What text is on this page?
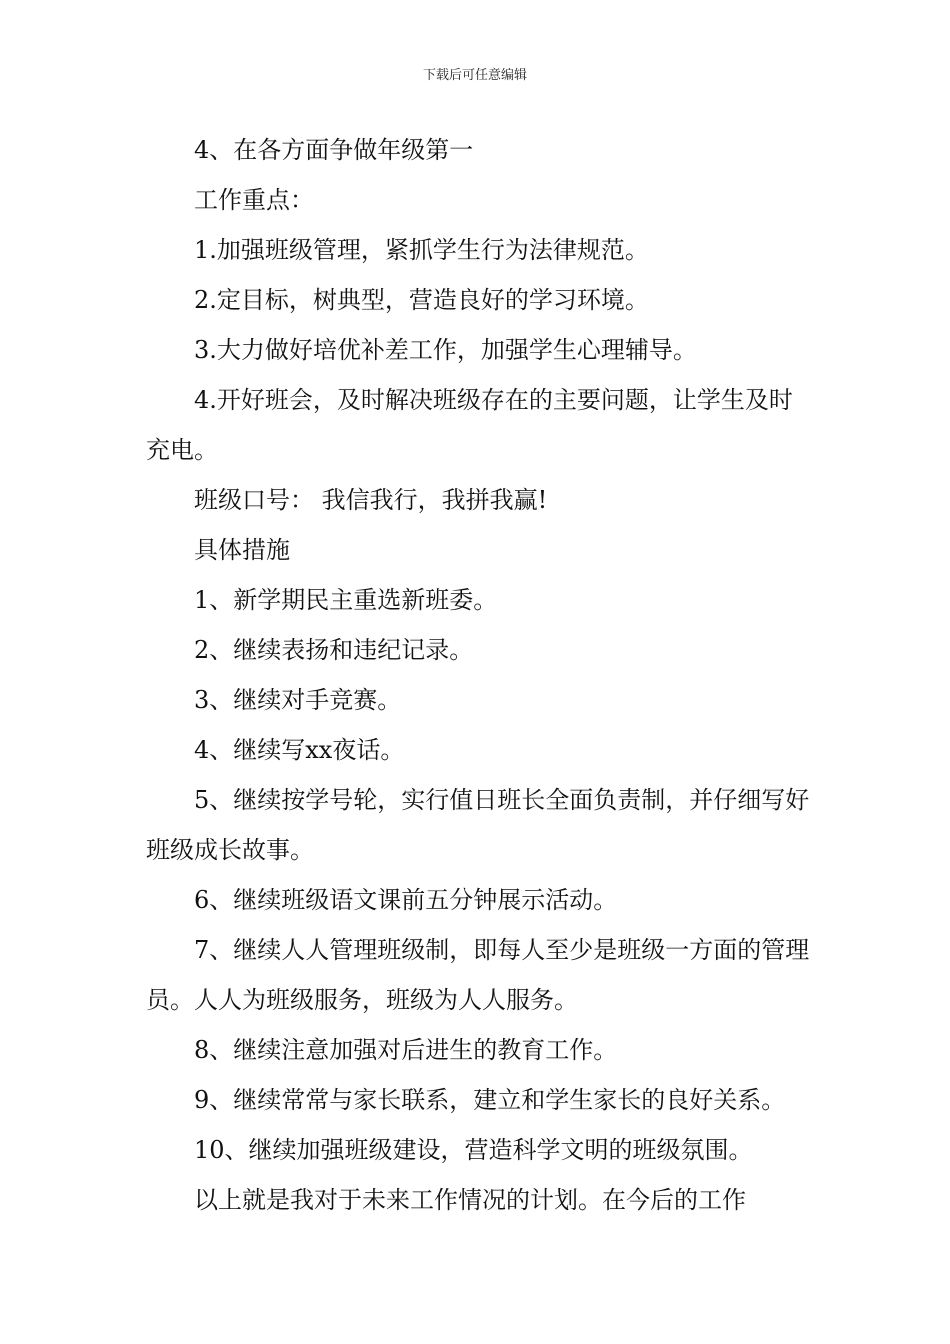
下载后可任意编辑

4、在各方面争做年级第一

工作重点：

1.加强班级管理，紧抓学生行为法律规范。

2.定目标，树典型，营造良好的学习环境。

3.大力做好培优补差工作，加强学生心理辅导。

4.开好班会，及时解决班级存在的主要问题，让学生及时充电。

班级口号： 我信我行，我拼我赢!

具体措施

1、新学期民主重选新班委。

2、继续表扬和违纪记录。

3、继续对手竞赛。

4、继续写xx夜话。

5、继续按学号轮，实行值日班长全面负责制，并仔细写好班级成长故事。

6、继续班级语文课前五分钟展示活动。

7、继续人人管理班级制，即每人至少是班级一方面的管理员。人人为班级服务，班级为人人服务。

8、继续注意加强对后进生的教育工作。

9、继续常常与家长联系，建立和学生家长的良好关系。

10、继续加强班级建设，营造科学文明的班级氛围。

以上就是我对于未来工作情况的计划。在今后的工作
